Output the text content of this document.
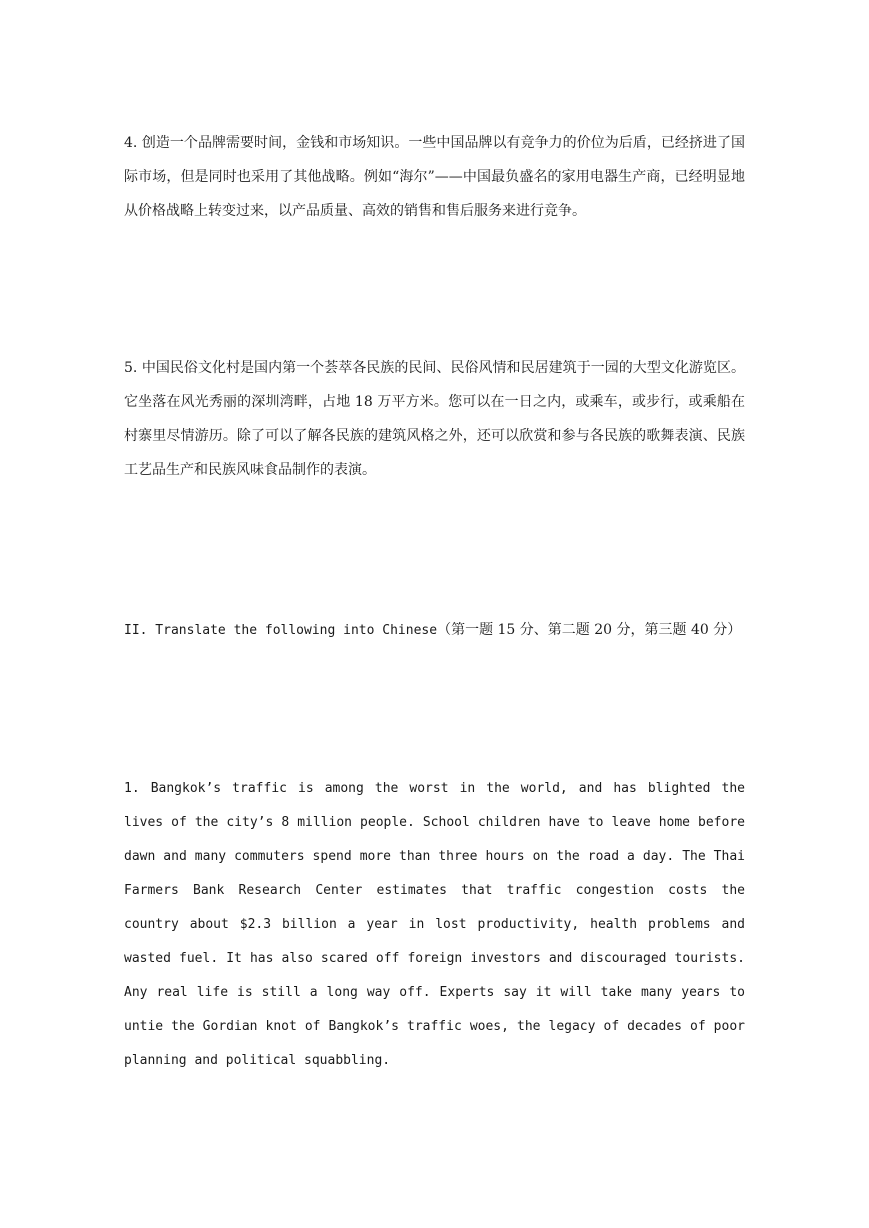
4. 创造一个品牌需要时间，金钱和市场知识。一些中国品牌以有竞争力的价位为后盾，已经挤进了国际市场，但是同时也采用了其他战略。例如“海尔”——中国最负盛名的家用电器生产商，已经明显地从价格战略上转变过来，以产品质量、高效的销售和售后服务来进行竞争。

5. 中国民俗文化村是国内第一个荟萃各民族的民间、民俗风情和民居建筑于一园的大型文化游览区。它坐落在风光秀丽的深圳湾畔，占地 18 万平方米。您可以在一日之内，或乘车，或步行，或乘船在村寨里尽情游历。除了可以了解各民族的建筑风格之外，还可以欣赏和参与各民族的歌舞表演、民族工艺品生产和民族风味食品制作的表演。

II. Translate the following into Chinese（第一题 15 分、第二题 20 分，第三题 40 分）

1. Bangkok’s traffic is among the worst in the world, and has blighted the lives of the city’s 8 million people. School children have to leave home before dawn and many commuters spend more than three hours on the road a day. The Thai Farmers Bank Research Center estimates that traffic congestion costs the country about $2.3 billion a year in lost productivity, health problems and wasted fuel. It has also scared off foreign investors and discouraged tourists. Any real life is still a long way off. Experts say it will take many years to untie the Gordian knot of Bangkok’s traffic woes, the legacy of decades of poor planning and political squabbling.
